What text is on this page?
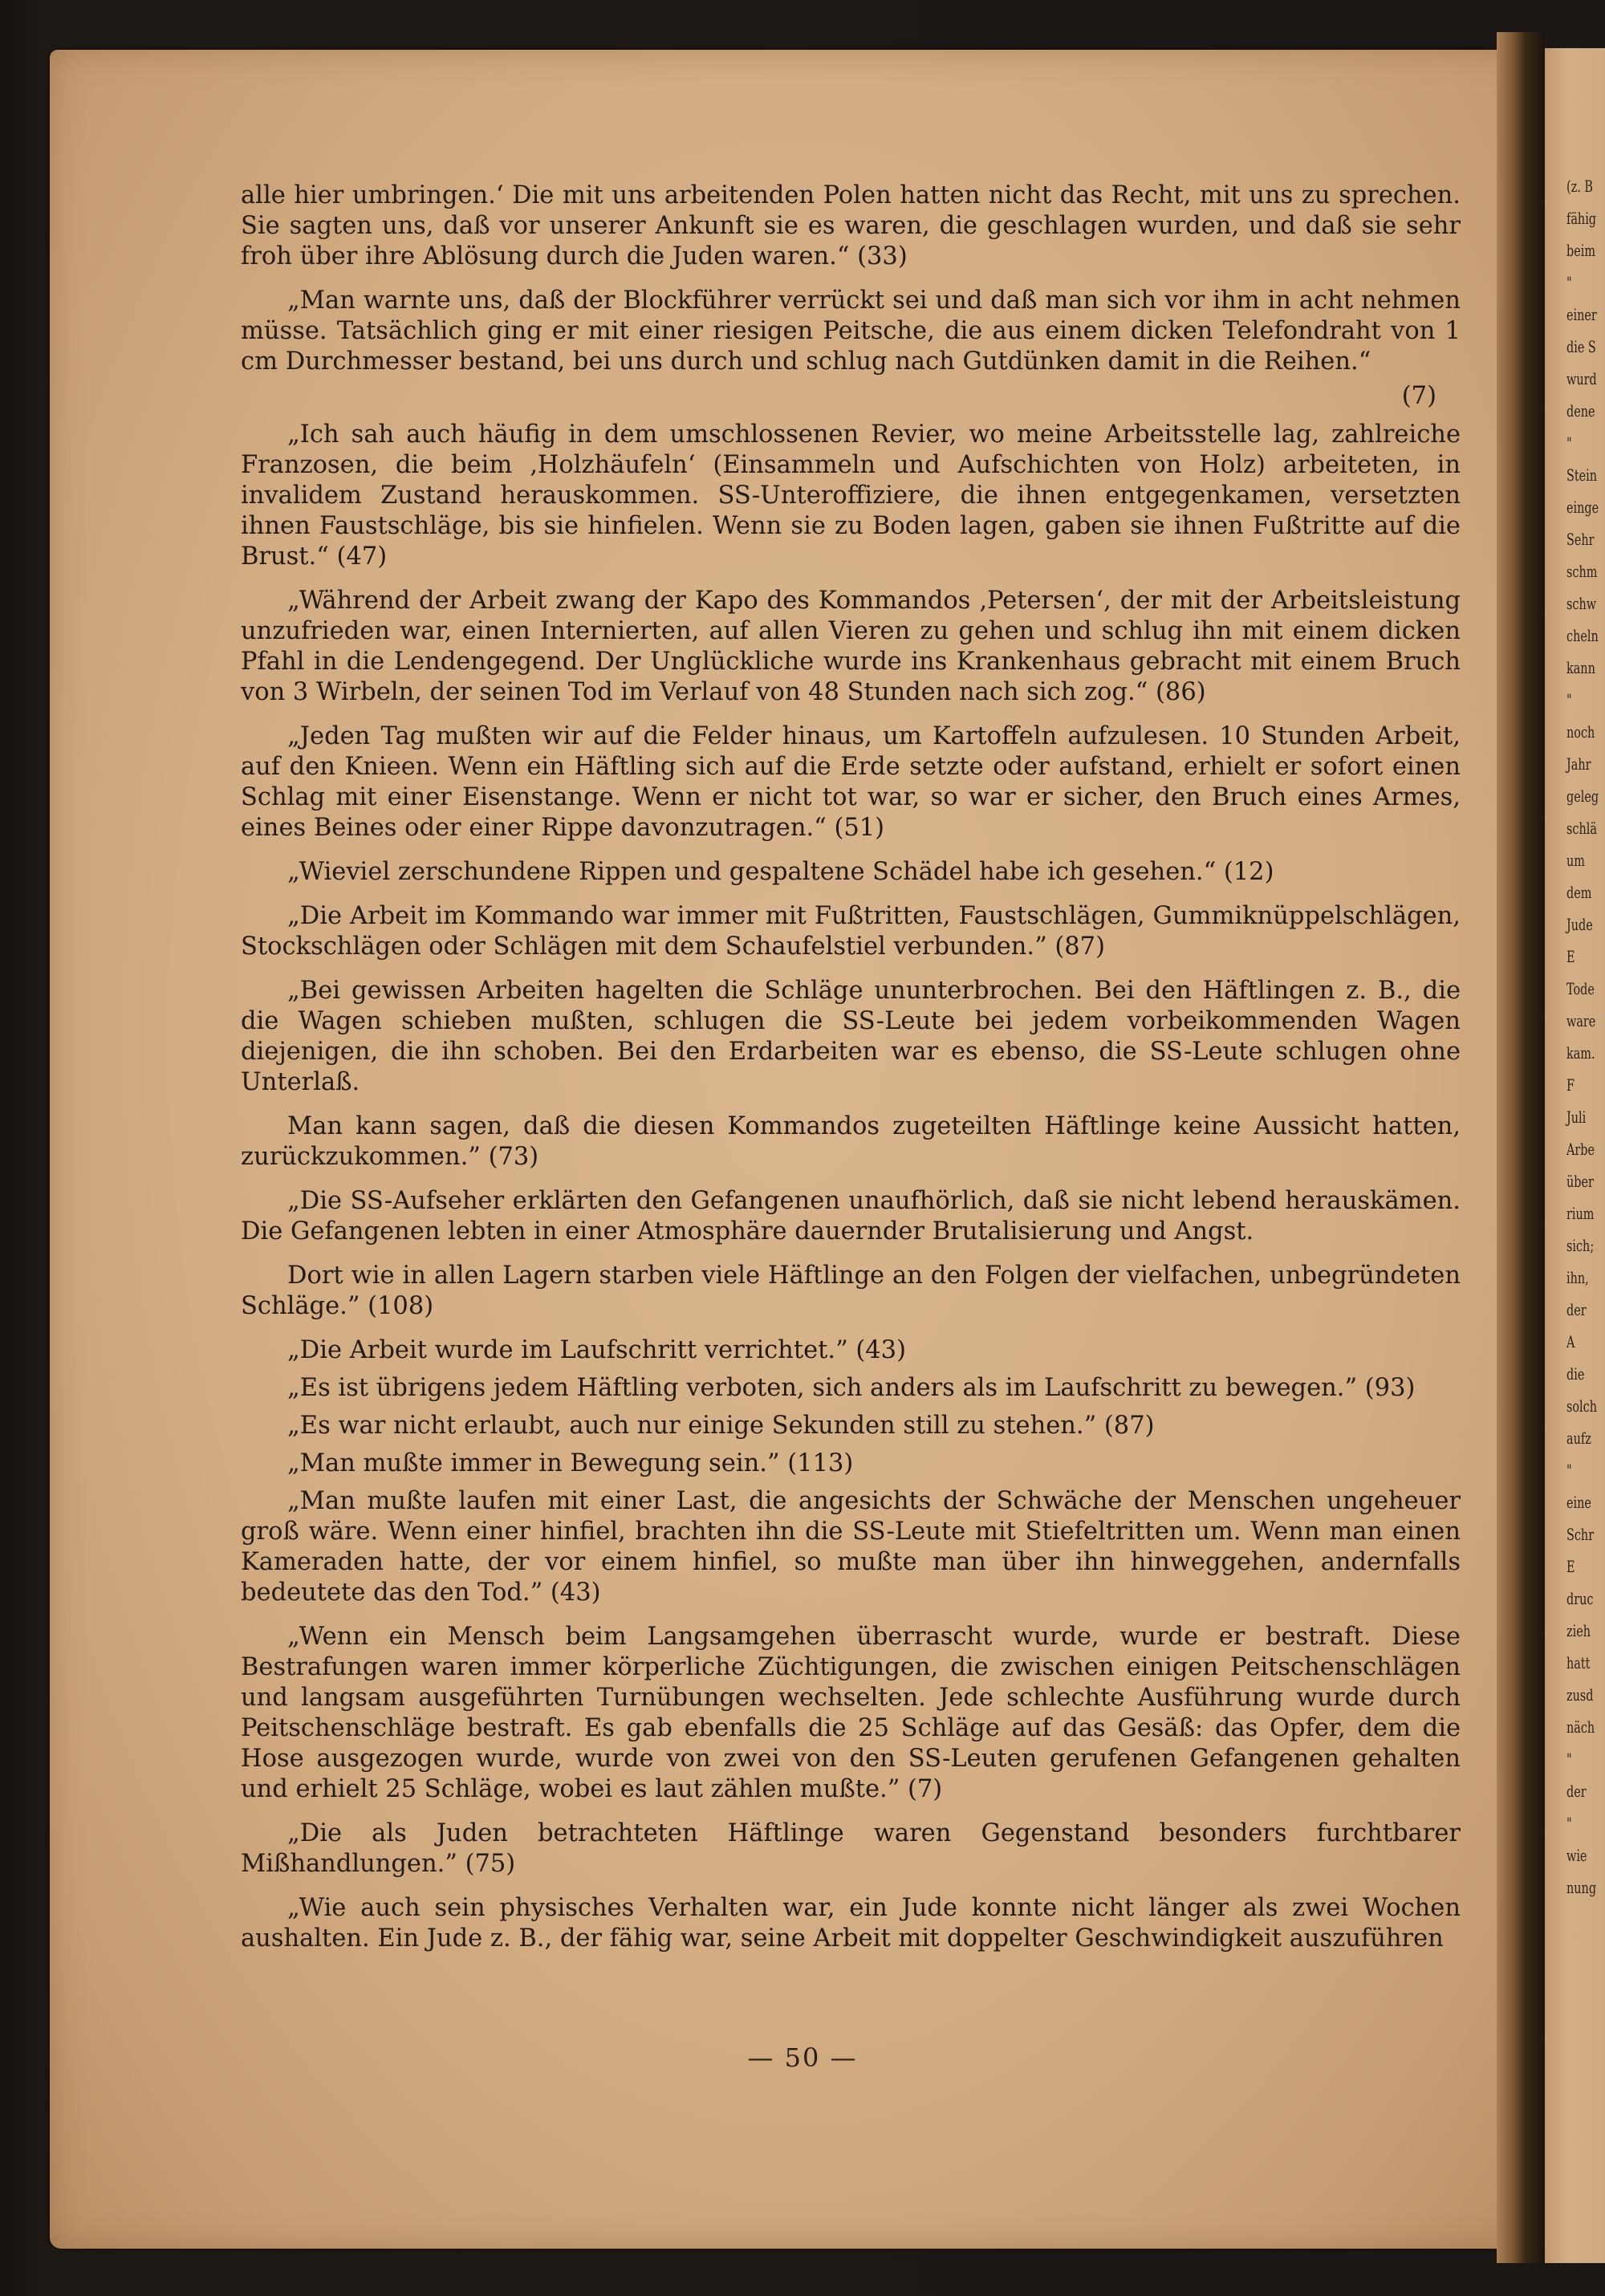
alle hier umbringen.‘ Die mit uns arbeitenden Polen hatten nicht das Recht, mit uns zu sprechen. Sie sagten uns, daß vor unserer Ankunft sie es waren, die geschlagen wurden, und daß sie sehr froh über ihre Ablösung durch die Juden waren.“ (33)

„Man warnte uns, daß der Blockführer verrückt sei und daß man sich vor ihm in acht nehmen müsse. Tatsächlich ging er mit einer riesigen Peitsche, die aus einem dicken Telefondraht von 1 cm Durchmesser bestand, bei uns durch und schlug nach Gutdünken damit in die Reihen.“

(7)

„Ich sah auch häufig in dem umschlossenen Revier, wo meine Arbeitsstelle lag, zahlreiche Franzosen, die beim ‚Holzhäufeln‘ (Einsammeln und Aufschichten von Holz) arbeiteten, in invalidem Zustand herauskommen. SS-Unteroffiziere, die ihnen entgegenkamen, versetzten ihnen Faustschläge, bis sie hinfielen. Wenn sie zu Boden lagen, gaben sie ihnen Fußtritte auf die Brust.“ (47)

„Während der Arbeit zwang der Kapo des Kommandos ‚Petersen‘, der mit der Arbeitsleistung unzufrieden war, einen Internierten, auf allen Vieren zu gehen und schlug ihn mit einem dicken Pfahl in die Lendengegend. Der Unglückliche wurde ins Krankenhaus gebracht mit einem Bruch von 3 Wirbeln, der seinen Tod im Verlauf von 48 Stunden nach sich zog.“ (86)

„Jeden Tag mußten wir auf die Felder hinaus, um Kartoffeln aufzulesen. 10 Stunden Arbeit, auf den Knieen. Wenn ein Häftling sich auf die Erde setzte oder aufstand, erhielt er sofort einen Schlag mit einer Eisenstange. Wenn er nicht tot war, so war er sicher, den Bruch eines Armes, eines Beines oder einer Rippe davonzutragen.“ (51)

„Wieviel zerschundene Rippen und gespaltene Schädel habe ich gesehen.“ (12)

„Die Arbeit im Kommando war immer mit Fußtritten, Faustschlägen, Gummiknüppelschlägen, Stockschlägen oder Schlägen mit dem Schaufelstiel verbunden.” (87)

„Bei gewissen Arbeiten hagelten die Schläge ununterbrochen. Bei den Häftlingen z. B., die die Wagen schieben mußten, schlugen die SS-Leute bei jedem vorbeikommenden Wagen diejenigen, die ihn schoben. Bei den Erdarbeiten war es ebenso, die SS-Leute schlugen ohne Unterlaß.

Man kann sagen, daß die diesen Kommandos zugeteilten Häftlinge keine Aussicht hatten, zurückzukommen.” (73)

„Die SS-Aufseher erklärten den Gefangenen unaufhörlich, daß sie nicht lebend herauskämen. Die Gefangenen lebten in einer Atmosphäre dauernder Brutalisierung und Angst.

Dort wie in allen Lagern starben viele Häftlinge an den Folgen der vielfachen, unbegründeten Schläge.” (108)

„Die Arbeit wurde im Laufschritt verrichtet.” (43)

„Es ist übrigens jedem Häftling verboten, sich anders als im Laufschritt zu bewegen.” (93)

„Es war nicht erlaubt, auch nur einige Sekunden still zu stehen.” (87)

„Man mußte immer in Bewegung sein.” (113)

„Man mußte laufen mit einer Last, die angesichts der Schwäche der Menschen ungeheuer groß wäre. Wenn einer hinfiel, brachten ihn die SS-Leute mit Stiefeltritten um. Wenn man einen Kameraden hatte, der vor einem hinfiel, so mußte man über ihn hinweggehen, andernfalls bedeutete das den Tod.” (43)

„Wenn ein Mensch beim Langsamgehen überrascht wurde, wurde er bestraft. Diese Bestrafungen waren immer körperliche Züchtigungen, die zwischen einigen Peitschenschlägen und langsam ausgeführten Turnübungen wechselten. Jede schlechte Ausführung wurde durch Peitschenschläge bestraft. Es gab ebenfalls die 25 Schläge auf das Gesäß: das Opfer, dem die Hose ausgezogen wurde, wurde von zwei von den SS-Leuten gerufenen Gefangenen gehalten und erhielt 25 Schläge, wobei es laut zählen mußte.” (7)

„Die als Juden betrachteten Häftlinge waren Gegenstand besonders furchtbarer Mißhandlungen.” (75)

„Wie auch sein physisches Verhalten war, ein Jude konnte nicht länger als zwei Wochen aushalten. Ein Jude z. B., der fähig war, seine Arbeit mit doppelter Geschwindigkeit auszuführen

— 50 —
(z. B
fähig
beim
"
einer
die S
wurd
dene
"
Stein
einge
Sehr
schm
schw
cheln
kann
"
noch
Jahr
geleg
schlä
um
dem
Jude
E
Tode
ware
kam.
F
Juli
Arbe
über
rium
sich;
ihn,
der
A
die
solch
aufz
"
eine
Schr
E
druc
zieh
hatt
zusd
näch
"
der
"
wie
nung
